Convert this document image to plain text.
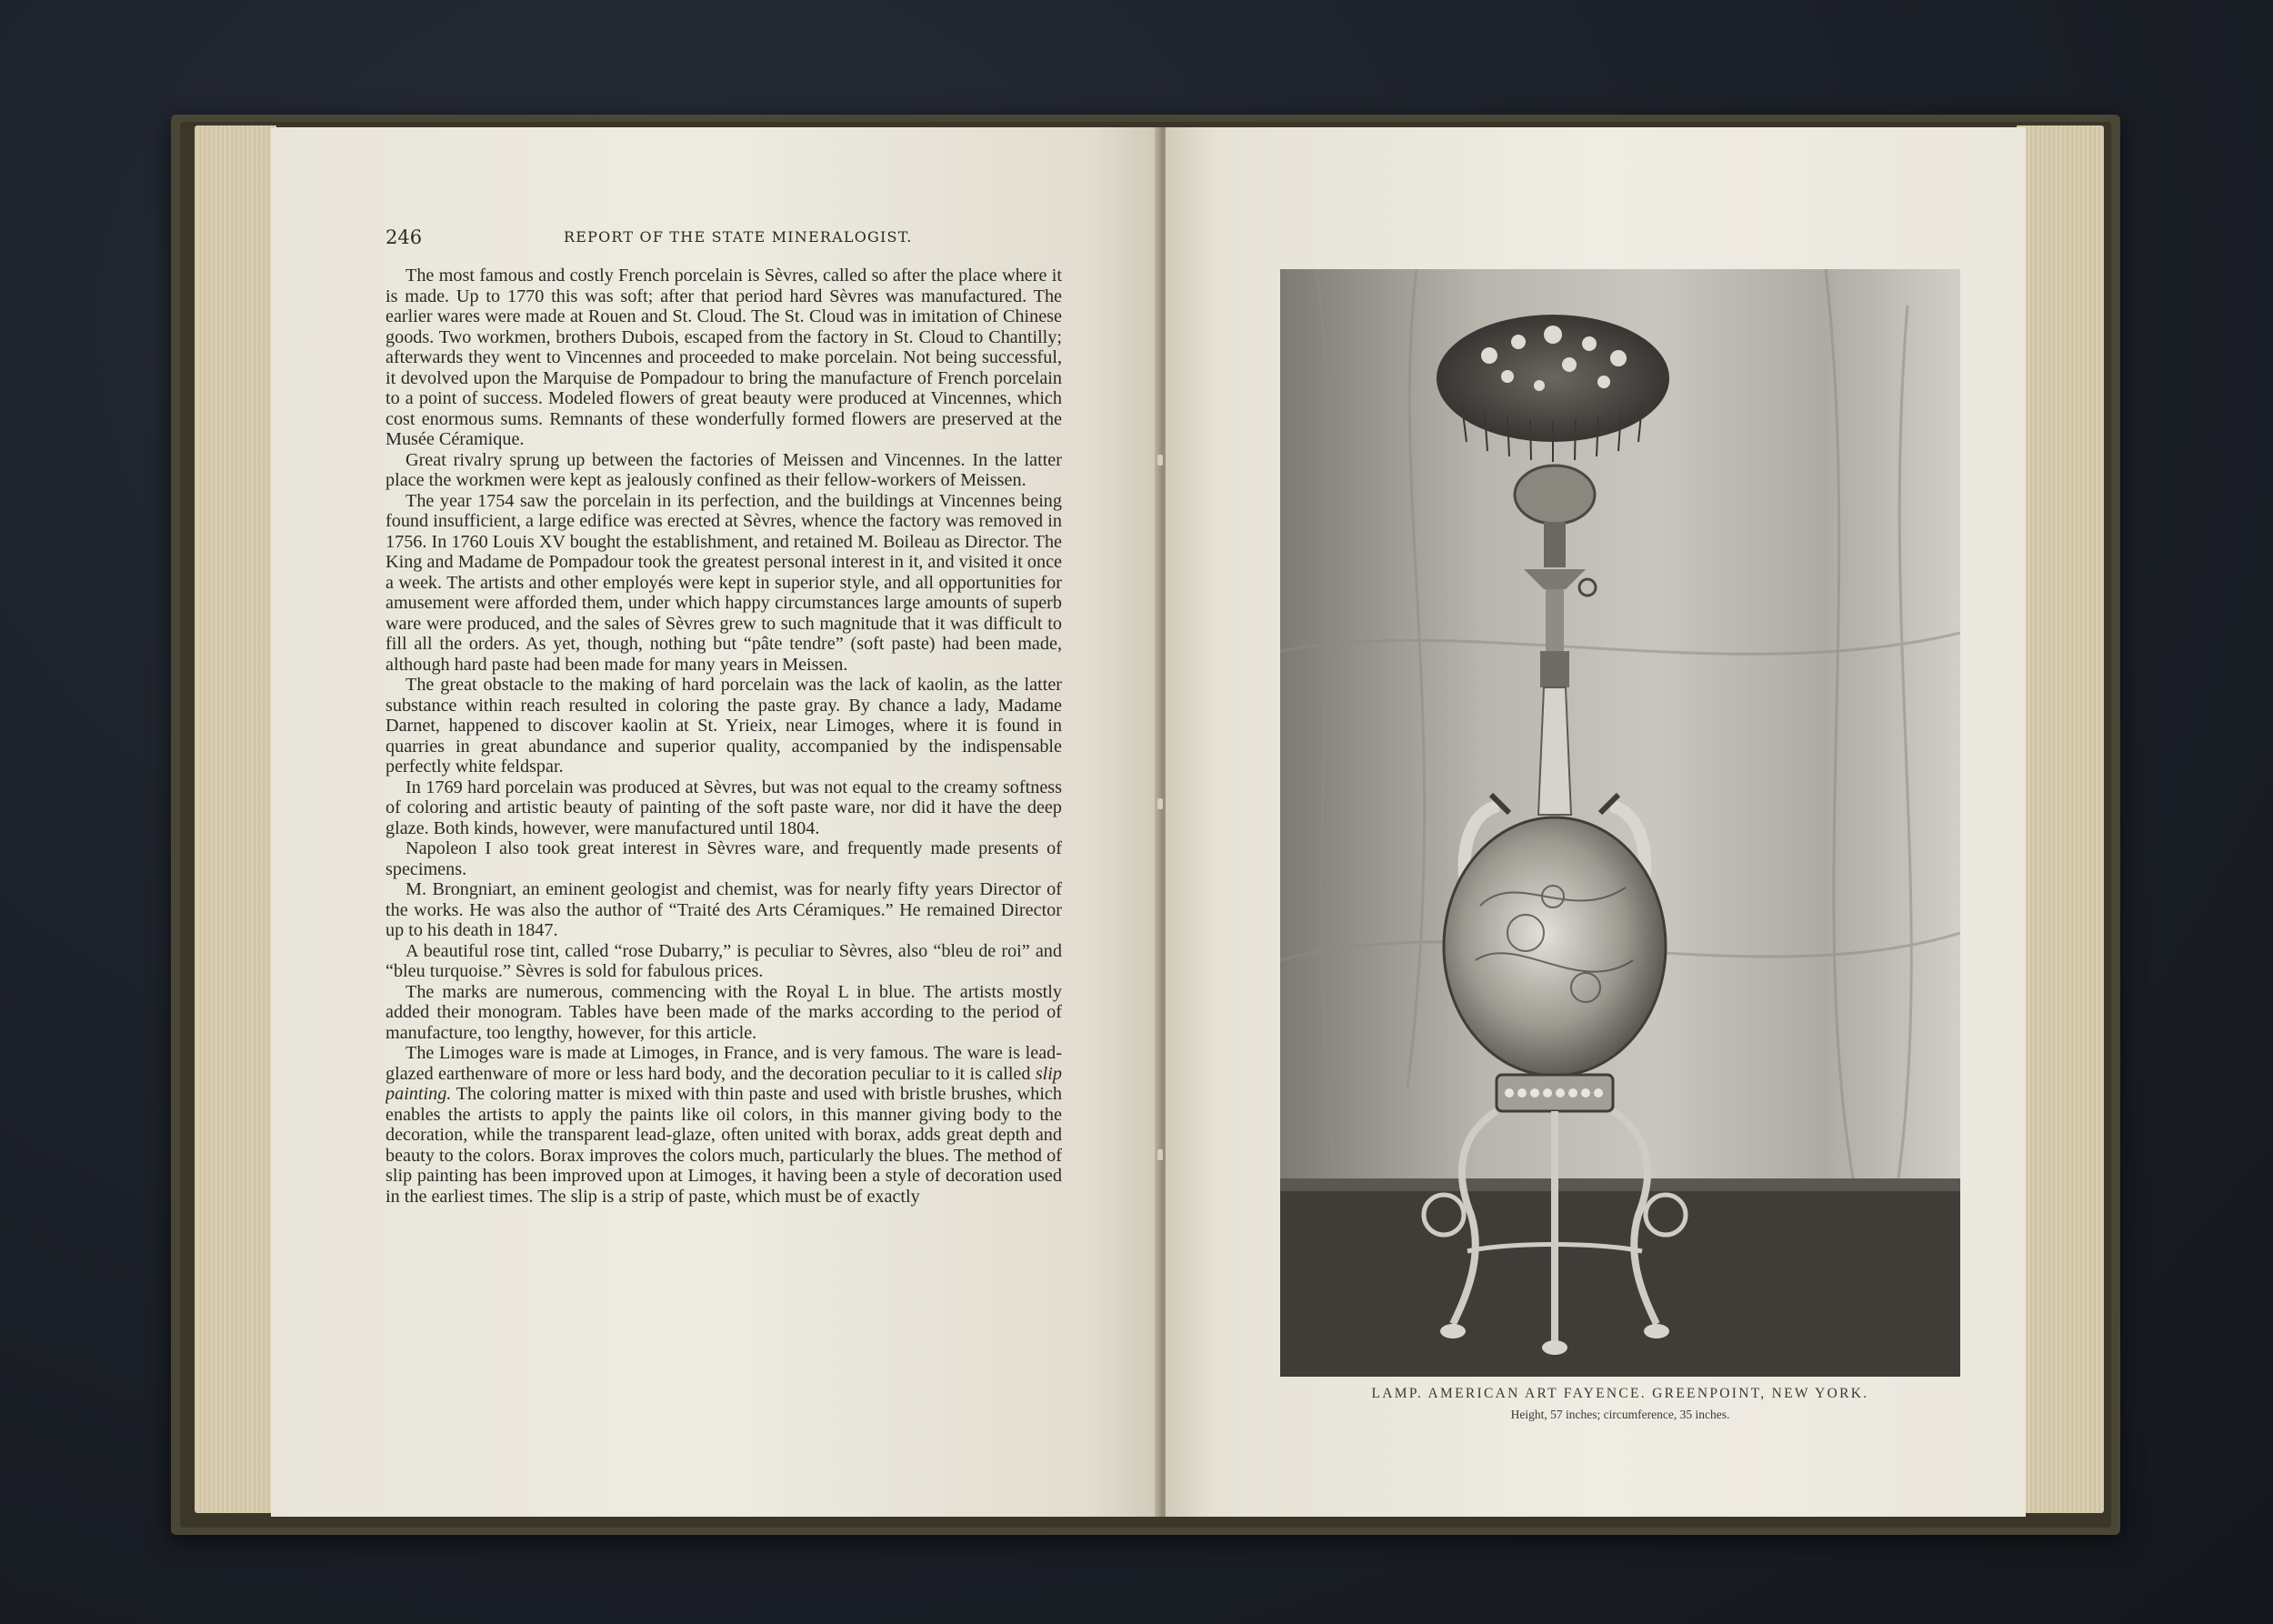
246	REPORT OF THE STATE MINERALOGIST.

The most famous and costly French porcelain is Sèvres, called so after the place where it is made. Up to 1770 this was soft; after that period hard Sèvres was manufactured. The earlier wares were made at Rouen and St. Cloud. The St. Cloud was in imitation of Chinese goods. Two workmen, brothers Dubois, escaped from the factory in St. Cloud to Chantilly; afterwards they went to Vincennes and proceeded to make porcelain. Not being successful, it devolved upon the Marquise de Pompadour to bring the manufacture of French porcelain to a point of success. Modeled flowers of great beauty were produced at Vincennes, which cost enormous sums. Remnants of these wonderfully formed flowers are preserved at the Musée Céramique.

Great rivalry sprung up between the factories of Meissen and Vincennes. In the latter place the workmen were kept as jealously confined as their fellow-workers of Meissen.

The year 1754 saw the porcelain in its perfection, and the buildings at Vincennes being found insufficient, a large edifice was erected at Sèvres, whence the factory was removed in 1756. In 1760 Louis XV bought the establishment, and retained M. Boileau as Director. The King and Madame de Pompadour took the greatest personal interest in it, and visited it once a week. The artists and other employés were kept in superior style, and all opportunities for amusement were afforded them, under which happy circumstances large amounts of superb ware were produced, and the sales of Sèvres grew to such magnitude that it was difficult to fill all the orders. As yet, though, nothing but “pâte tendre” (soft paste) had been made, although hard paste had been made for many years in Meissen.

The great obstacle to the making of hard porcelain was the lack of kaolin, as the latter substance within reach resulted in coloring the paste gray. By chance a lady, Madame Darnet, happened to discover kaolin at St. Yrieix, near Limoges, where it is found in quarries in great abundance and superior quality, accompanied by the indispensable perfectly white feldspar.

In 1769 hard porcelain was produced at Sèvres, but was not equal to the creamy softness of coloring and artistic beauty of painting of the soft paste ware, nor did it have the deep glaze. Both kinds, however, were manufactured until 1804.

Napoleon I also took great interest in Sèvres ware, and frequently made presents of specimens.

M. Brongniart, an eminent geologist and chemist, was for nearly fifty years Director of the works. He was also the author of “Traité des Arts Céramiques.” He remained Director up to his death in 1847.

A beautiful rose tint, called “rose Dubarry,” is peculiar to Sèvres, also “bleu de roi” and “bleu turquoise.” Sèvres is sold for fabulous prices.

The marks are numerous, commencing with the Royal L in blue. The artists mostly added their monogram. Tables have been made of the marks according to the period of manufacture, too lengthy, however, for this article.

The Limoges ware is made at Limoges, in France, and is very famous. The ware is lead-glazed earthenware of more or less hard body, and the decoration peculiar to it is called slip painting. The coloring matter is mixed with thin paste and used with bristle brushes, which enables the artists to apply the paints like oil colors, in this manner giving body to the decoration, while the transparent lead-glaze, often united with borax, adds great depth and beauty to the colors. Borax improves the colors much, particularly the blues. The method of slip painting has been improved upon at Limoges, it having been a style of decoration used in the earliest times. The slip is a strip of paste, which must be of exactly

LAMP. AMERICAN ART FAYENCE. GREENPOINT, NEW YORK.
Height, 57 inches; circumference, 35 inches.
